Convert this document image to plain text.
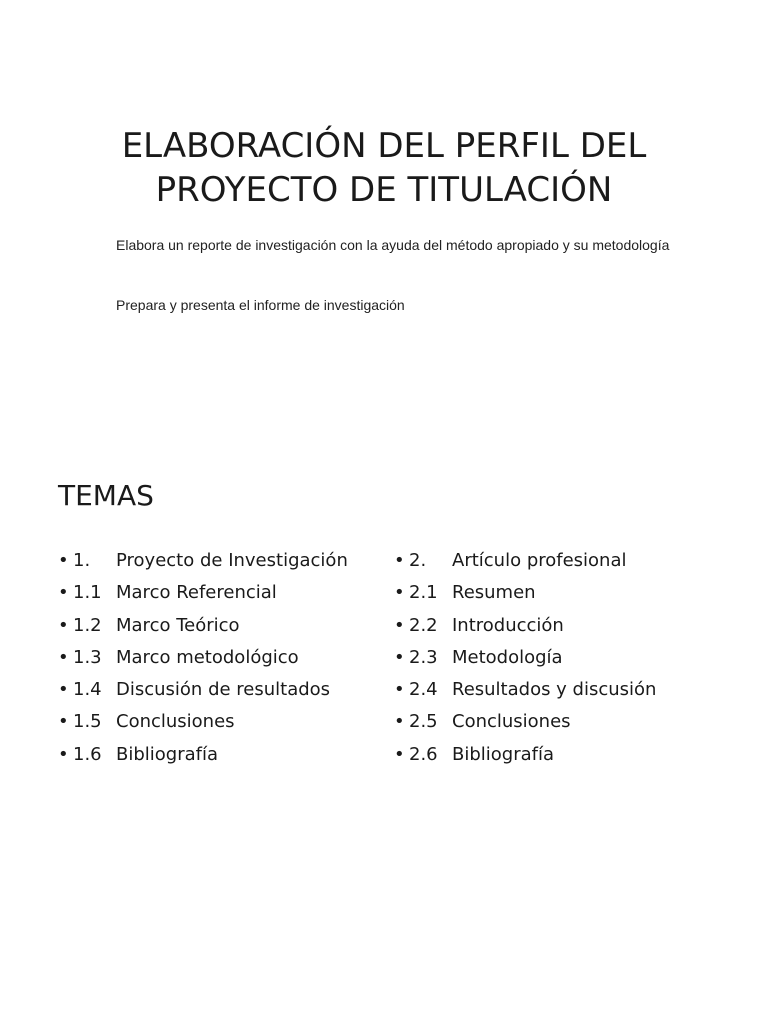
ELABORACIÓN DEL PERFIL DEL
PROYECTO DE TITULACIÓN

Elabora un reporte de investigación con la ayuda del método apropiado y su metodología

Prepara y presenta el informe de investigación

TEMAS
• 1. Proyecto de Investigación
• 1.1 Marco Referencial
• 1.2 Marco Teórico
• 1.3 Marco metodológico
• 1.4 Discusión de resultados
• 1.5 Conclusiones
• 1.6 Bibliografía
• 2. Artículo profesional
• 2.1 Resumen
• 2.2 Introducción
• 2.3 Metodología
• 2.4 Resultados y discusión
• 2.5 Conclusiones
• 2.6 Bibliografía
